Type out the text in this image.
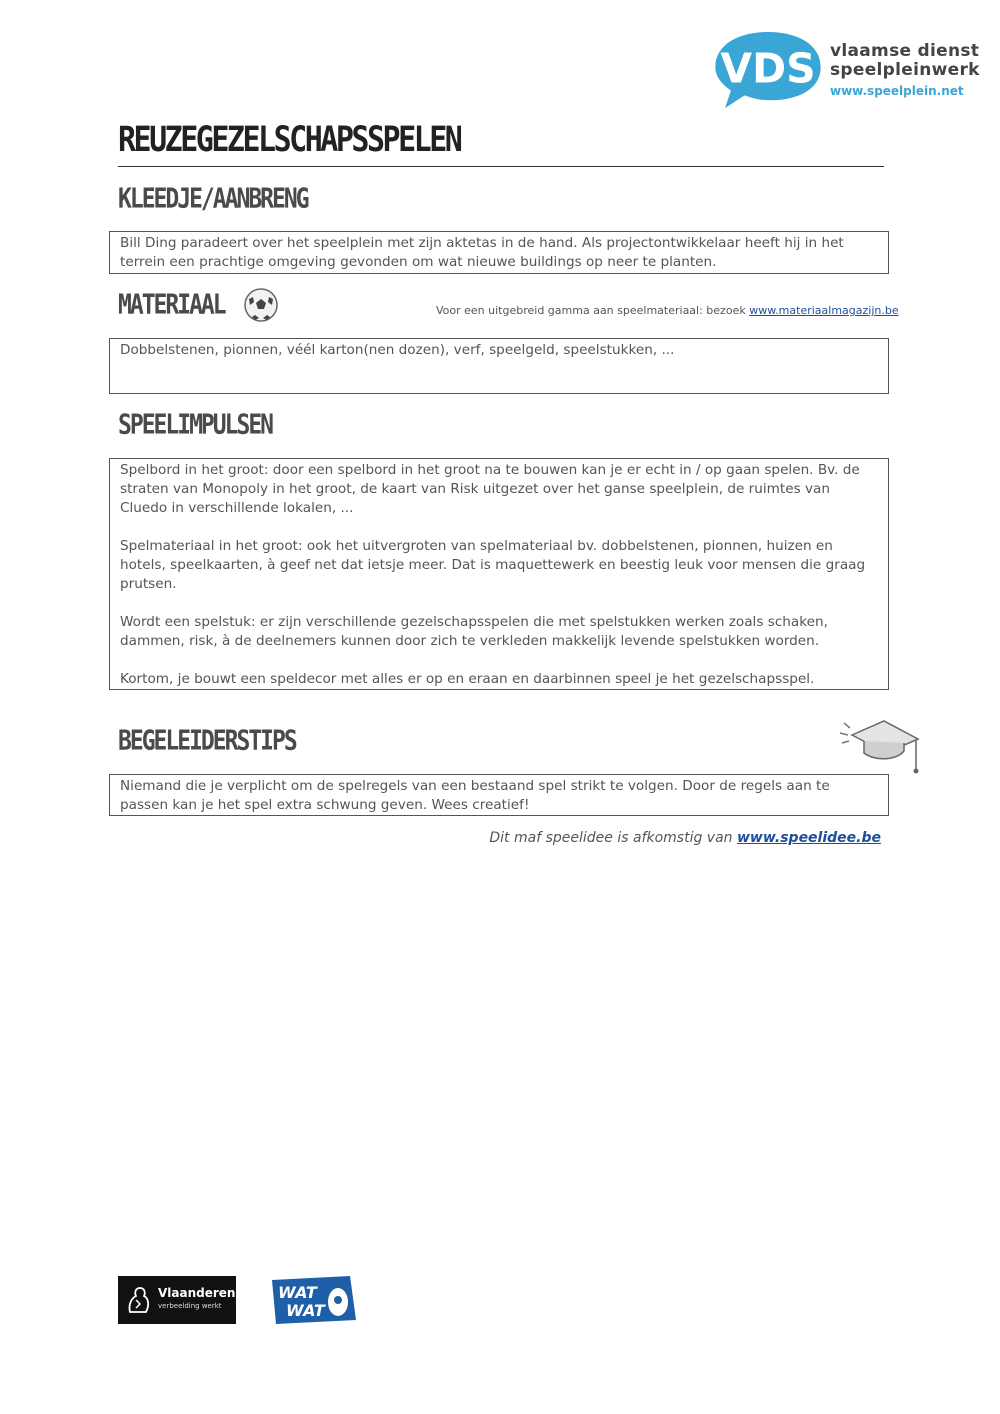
VDS vlaamse dienst
speelpleinwerk
www.speelplein.net
REUZEGEZELSCHAPSSPELEN
KLEEDJE/AANBRENG

Bill Ding paradeert over het speelplein met zijn aktetas in de hand. Als projectontwikkelaar heeft hij in het terrein een prachtige omgeving gevonden om wat nieuwe buildings op neer te planten.

MATERIAAL	Voor een uitgebreid gamma aan speelmateriaal: bezoek www.materiaalmagazijn.be

Dobbelstenen, pionnen, véél karton(nen dozen), verf, speelgeld, speelstukken, ...

SPEELIMPULSEN

Spelbord in het groot: door een spelbord in het groot na te bouwen kan je er echt in / op gaan spelen. Bv. de straten van Monopoly in het groot, de kaart van Risk uitgezet over het ganse speelplein, de ruimtes van Cluedo in verschillende lokalen, ...

Spelmateriaal in het groot: ook het uitvergroten van spelmateriaal bv. dobbelstenen, pionnen, huizen en hotels, speelkaarten, à geef net dat ietsje meer. Dat is maquettewerk en beestig leuk voor mensen die graag prutsen.

Wordt een spelstuk: er zijn verschillende gezelschapsspelen die met spelstukken werken zoals schaken, dammen, risk, à de deelnemers kunnen door zich te verkleden makkelijk levende spelstukken worden.

Kortom, je bouwt een speldecor met alles er op en eraan en daarbinnen speel je het gezelschapsspel.

BEGELEIDERSTIPS

Niemand die je verplicht om de spelregels van een bestaand spel strikt te volgen. Door de regels aan te passen kan je het spel extra schwung geven. Wees creatief!

Dit maf speelidee is afkomstig van www.speelidee.be
Vlaanderen
verbeelding werkt
WAT
WAT
